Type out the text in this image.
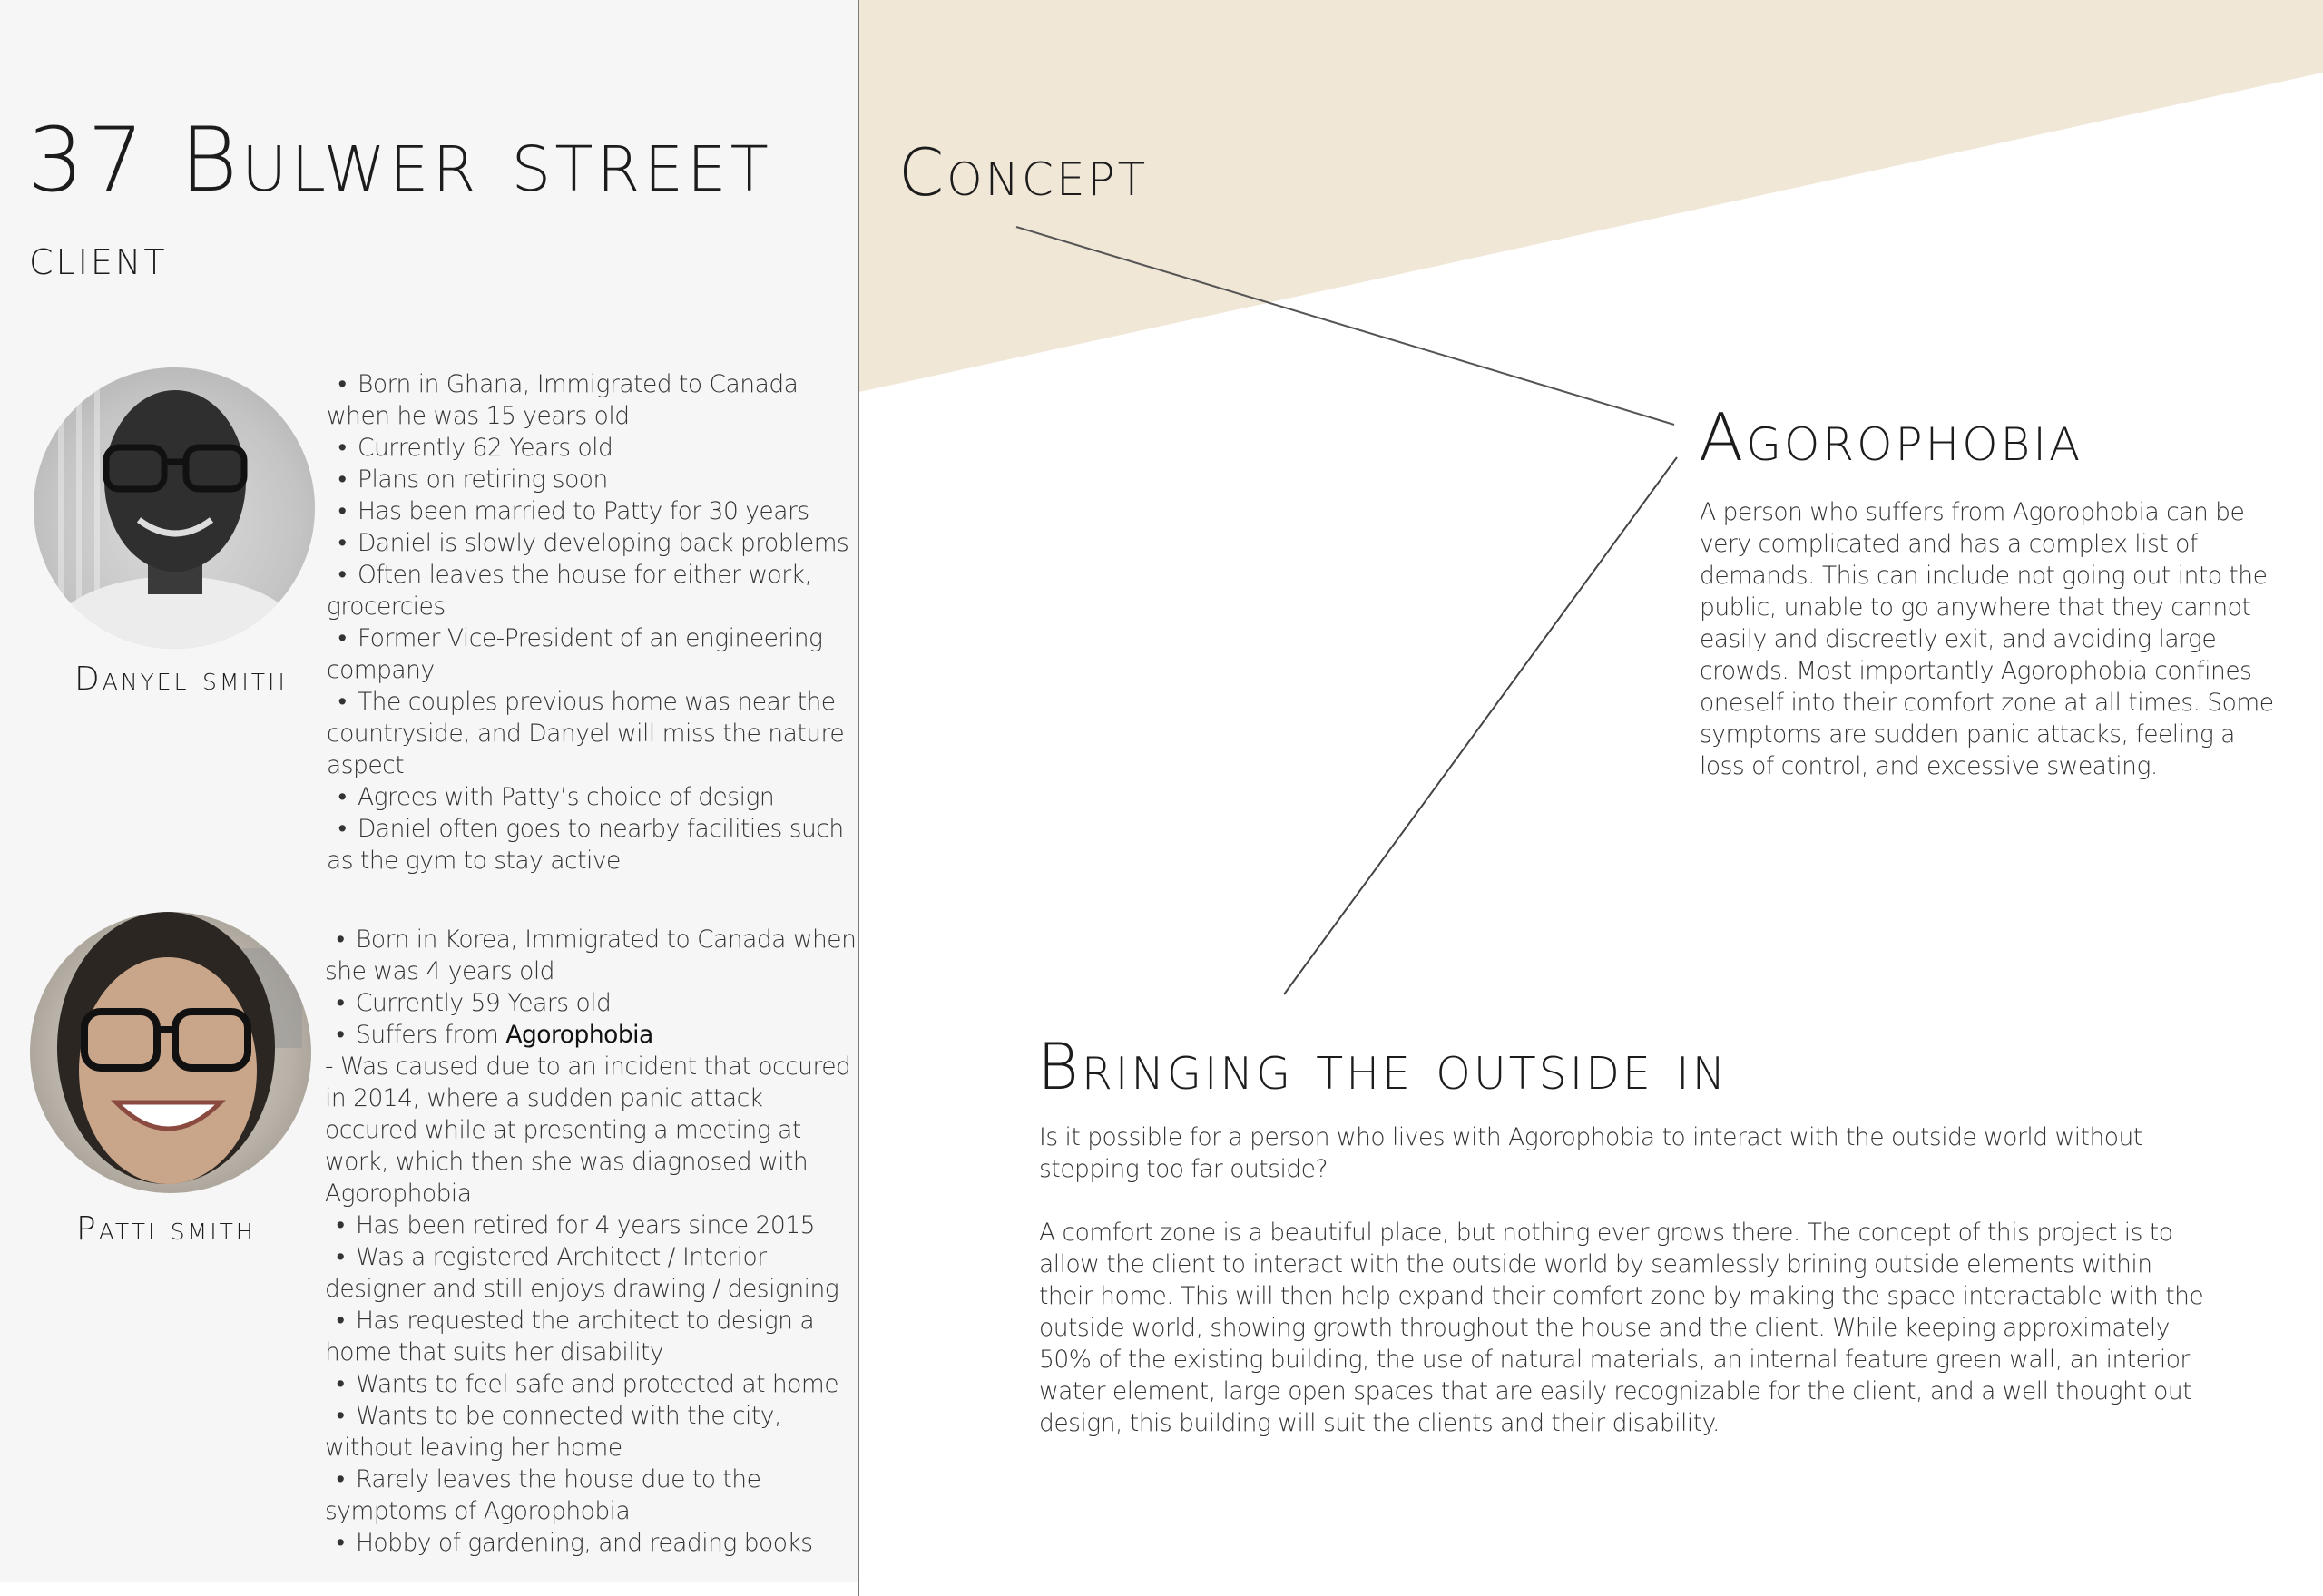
37 Bulwer street
client
Concept

Danyel smith

• Born in Ghana, Immigrated to Canada when he was 15 years old
• Currently 62 Years old
• Plans on retiring soon
• Has been married to Patty for 30 years
• Daniel is slowly developing back problems
• Often leaves the house for either work, grocercies
• Former Vice-President of an engineering company
• The couples previous home was near the countryside, and Danyel will miss the nature aspect
• Agrees with Patty’s choice of design
• Daniel often goes to nearby facilities such as the gym to stay active

Patti smith

• Born in Korea, Immigrated to Canada when she was 4 years old
• Currently 59 Years old
• Suffers from Agorophobia
- Was caused due to an incident that occured in 2014, where a sudden panic attack occured while at presenting a meeting at work, which then she was diagnosed with Agorophobia
• Has been retired for 4 years since 2015
• Was a registered Architect / Interior designer and still enjoys drawing / designing
• Has requested the architect to design a home that suits her disability
• Wants to feel safe and protected at home
• Wants to be connected with the city, without leaving her home
• Rarely leaves the house due to the symptoms of Agorophobia
• Hobby of gardening, and reading books
Agorophobia

A person who suffers from Agorophobia can be very complicated and has a complex list of demands. This can include not going out into the public, unable to go anywhere that they cannot easily and discreetly exit, and avoiding large crowds. Most importantly Agorophobia confines oneself into their comfort zone at all times. Some symptoms are sudden panic attacks, feeling a loss of control, and excessive sweating.

Bringing the outside in

Is it possible for a person who lives with Agorophobia to interact with the outside world without stepping too far outside?

A comfort zone is a beautiful place, but nothing ever grows there. The concept of this project is to allow the client to interact with the outside world by seamlessly brining outside elements within their home. This will then help expand their comfort zone by making the space interactable with the outside world, showing growth throughout the house and the client. While keeping approximately 50% of the existing building, the use of natural materials, an internal feature green wall, an interior water element, large open spaces that are easily recognizable for the client, and a well thought out design, this building will suit the clients and their disability.
